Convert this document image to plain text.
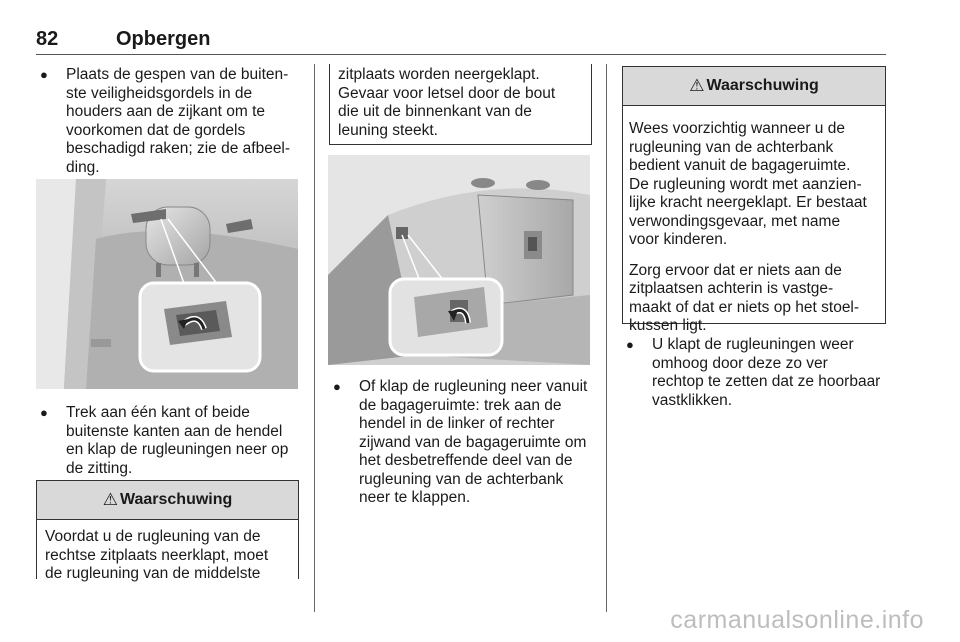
82	Opbergen
● Plaats de gespen van de buiten-
ste veiligheidsgordels in de
houders aan de zijkant om te
voorkomen dat de gordels
beschadigd raken; zie de afbeel-
ding.
● Trek aan één kant of beide
buitenste kanten aan de hendel
en klap de rugleuningen neer op
de zitting.
⚠ Waarschuwing
Voordat u de rugleuning van de
rechtse zitplaats neerklapt, moet
de rugleuning van de middelste
zitplaats worden neergeklapt.
Gevaar voor letsel door de bout
die uit de binnenkant van de
leuning steekt.
● Of klap de rugleuning neer vanuit
de bagageruimte: trek aan de
hendel in de linker of rechter
zijwand van de bagageruimte om
het desbetreffende deel van de
rugleuning van de achterbank
neer te klappen.
⚠ Waarschuwing

Wees voorzichtig wanneer u de
rugleuning van de achterbank
bedient vanuit de bagageruimte.
De rugleuning wordt met aanzien-
lijke kracht neergeklapt. Er bestaat
verwondingsgevaar, met name
voor kinderen.

Zorg ervoor dat er niets aan de
zitplaatsen achterin is vastge-
maakt of dat er niets op het stoel-
kussen ligt.
● U klapt de rugleuningen weer
omhoog door deze zo ver
rechtop te zetten dat ze hoorbaar
vastklikken.
carmanualsonline.info
